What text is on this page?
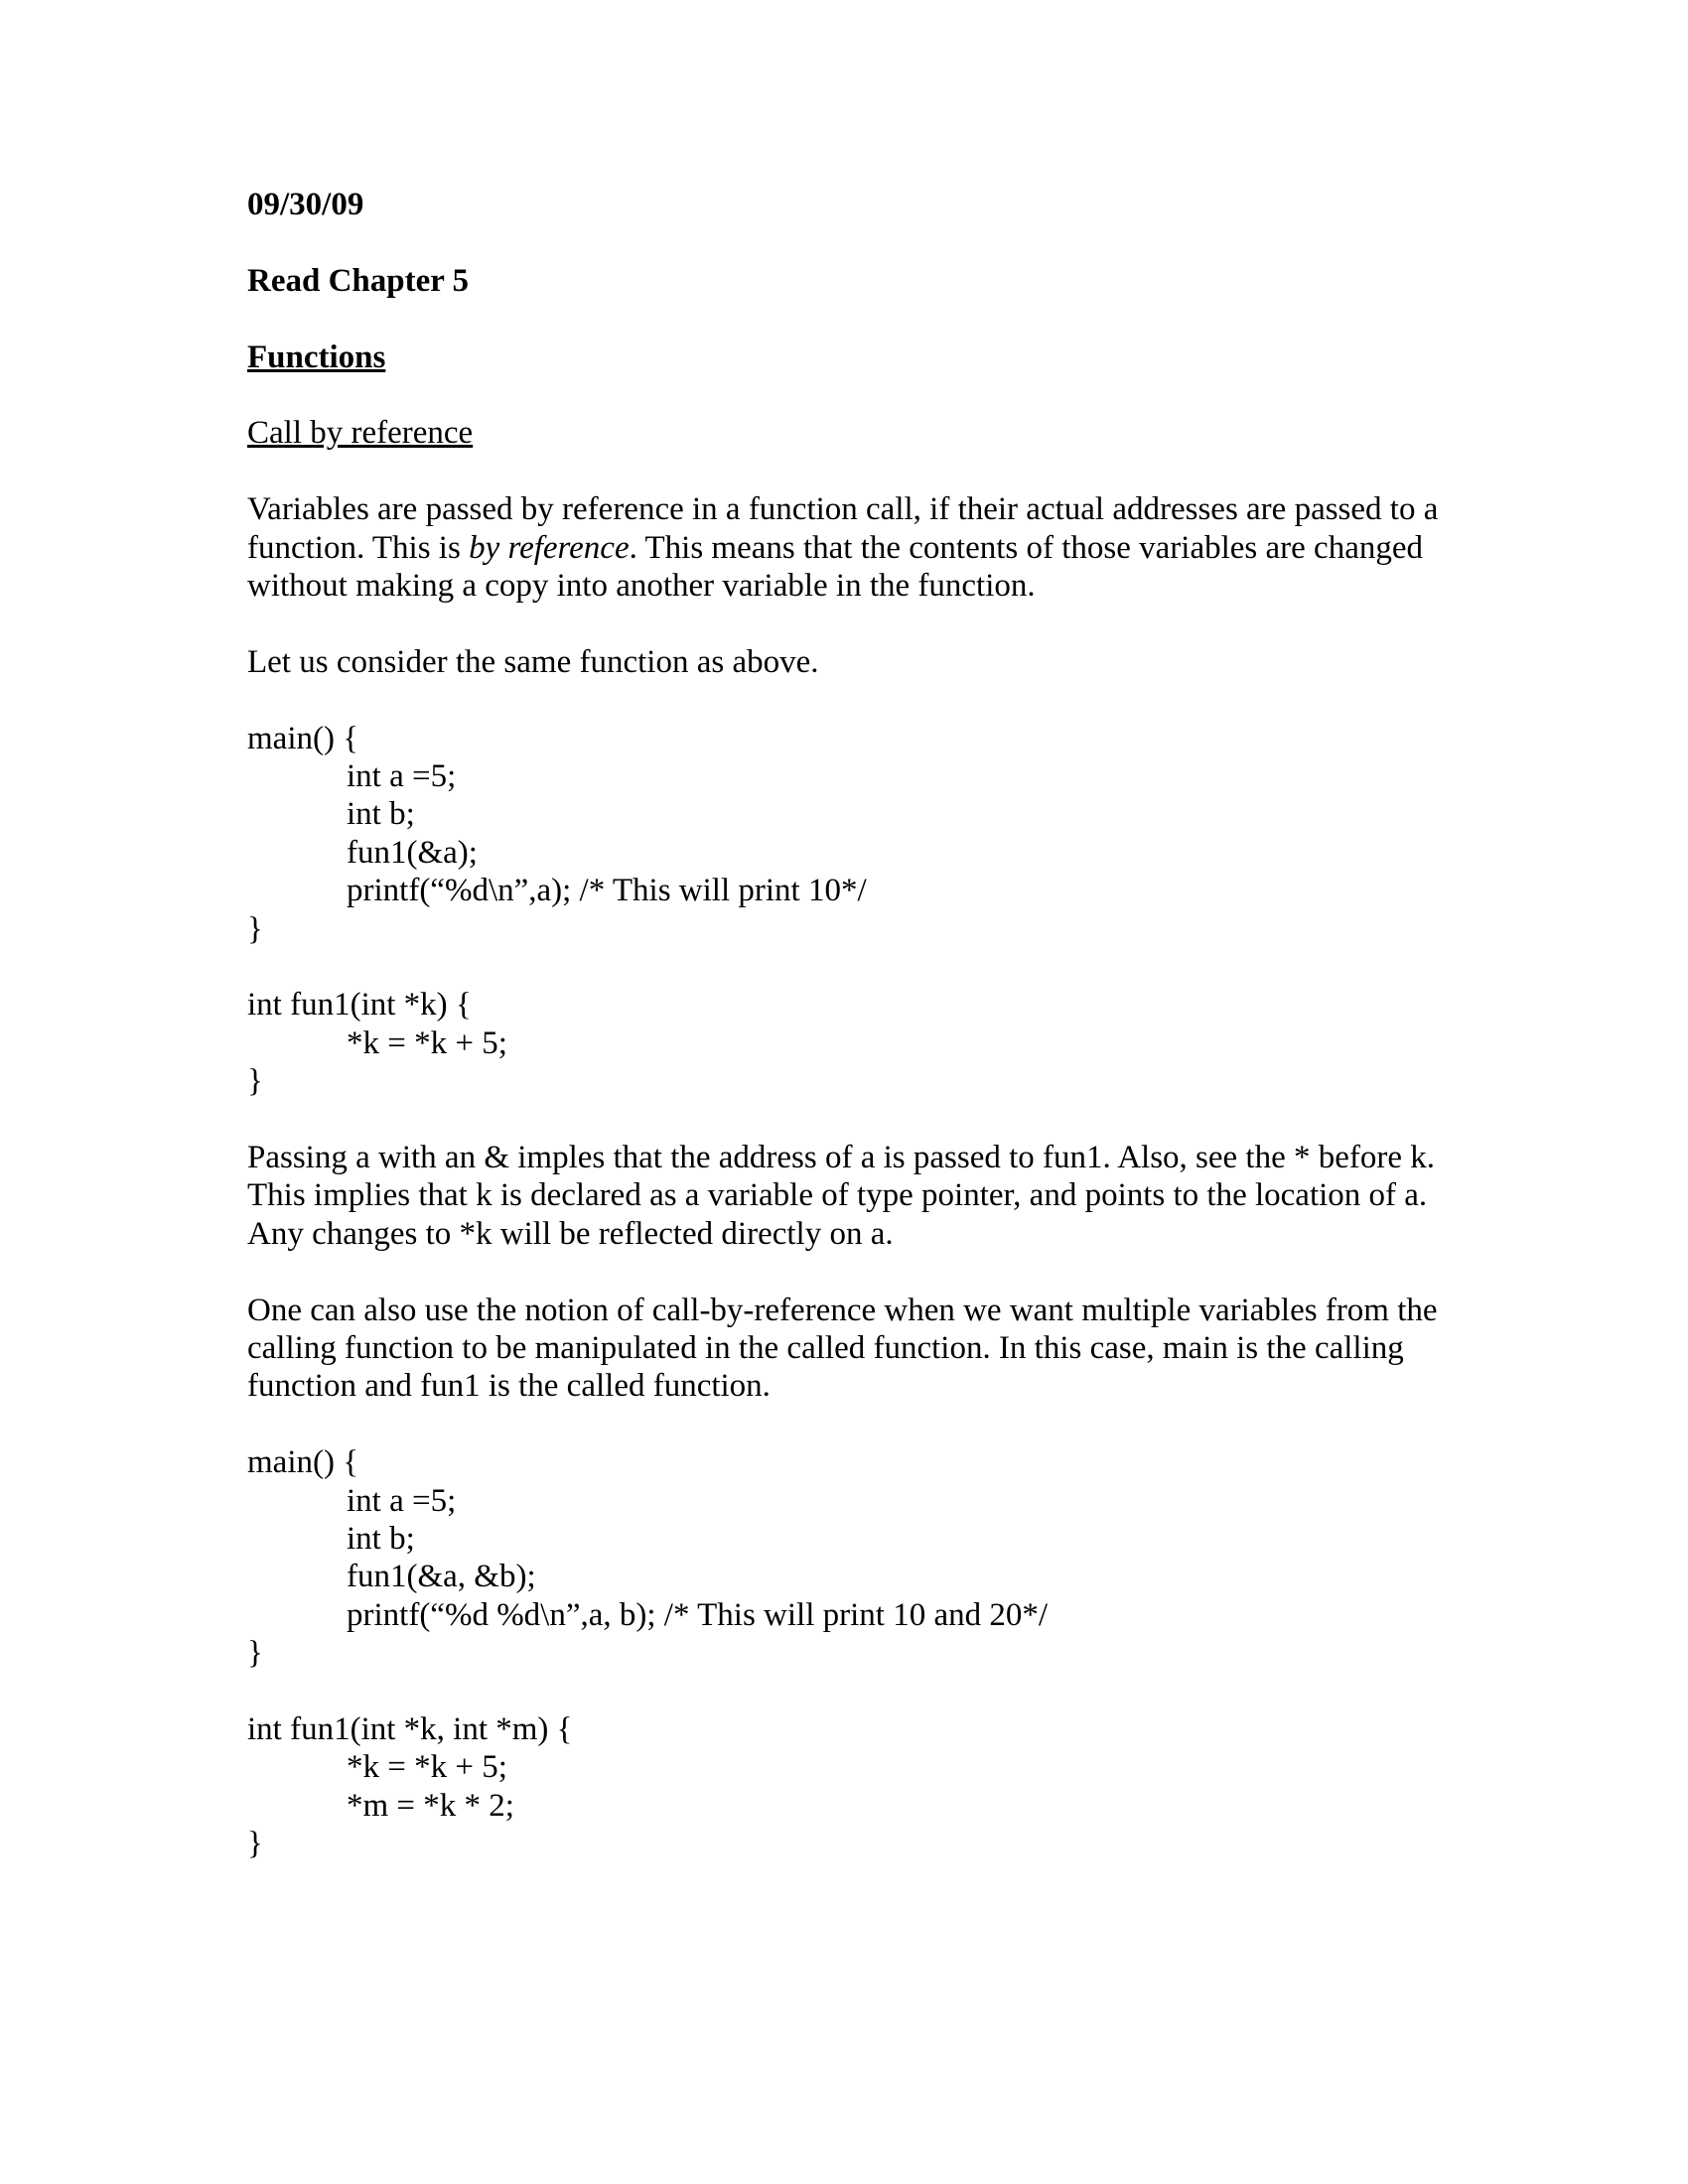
09/30/09

Read Chapter 5

Functions

Call by reference

Variables are passed by reference in a function call, if their actual addresses are passed to a function. This is by reference. This means that the contents of those variables are changed without making a copy into another variable in the function.

Let us consider the same function as above.

main() {
int a =5;
int b;
fun1(&a);
printf(“%d\n”,a); /* This will print 10*/
}
int fun1(int *k) {
*k = *k + 5;
}

Passing a with an & imples that the address of a is passed to fun1. Also, see the * before k. This implies that k is declared as a variable of type pointer, and points to the location of a. Any changes to *k will be reflected directly on a.

One can also use the notion of call-by-reference when we want multiple variables from the calling function to be manipulated in the called function. In this case, main is the calling function and fun1 is the called function.

main() {
int a =5;
int b;
fun1(&a, &b);
printf(“%d %d\n”,a, b); /* This will print 10 and 20*/
}
int fun1(int *k, int *m) {
*k = *k + 5;
*m = *k * 2;
}
